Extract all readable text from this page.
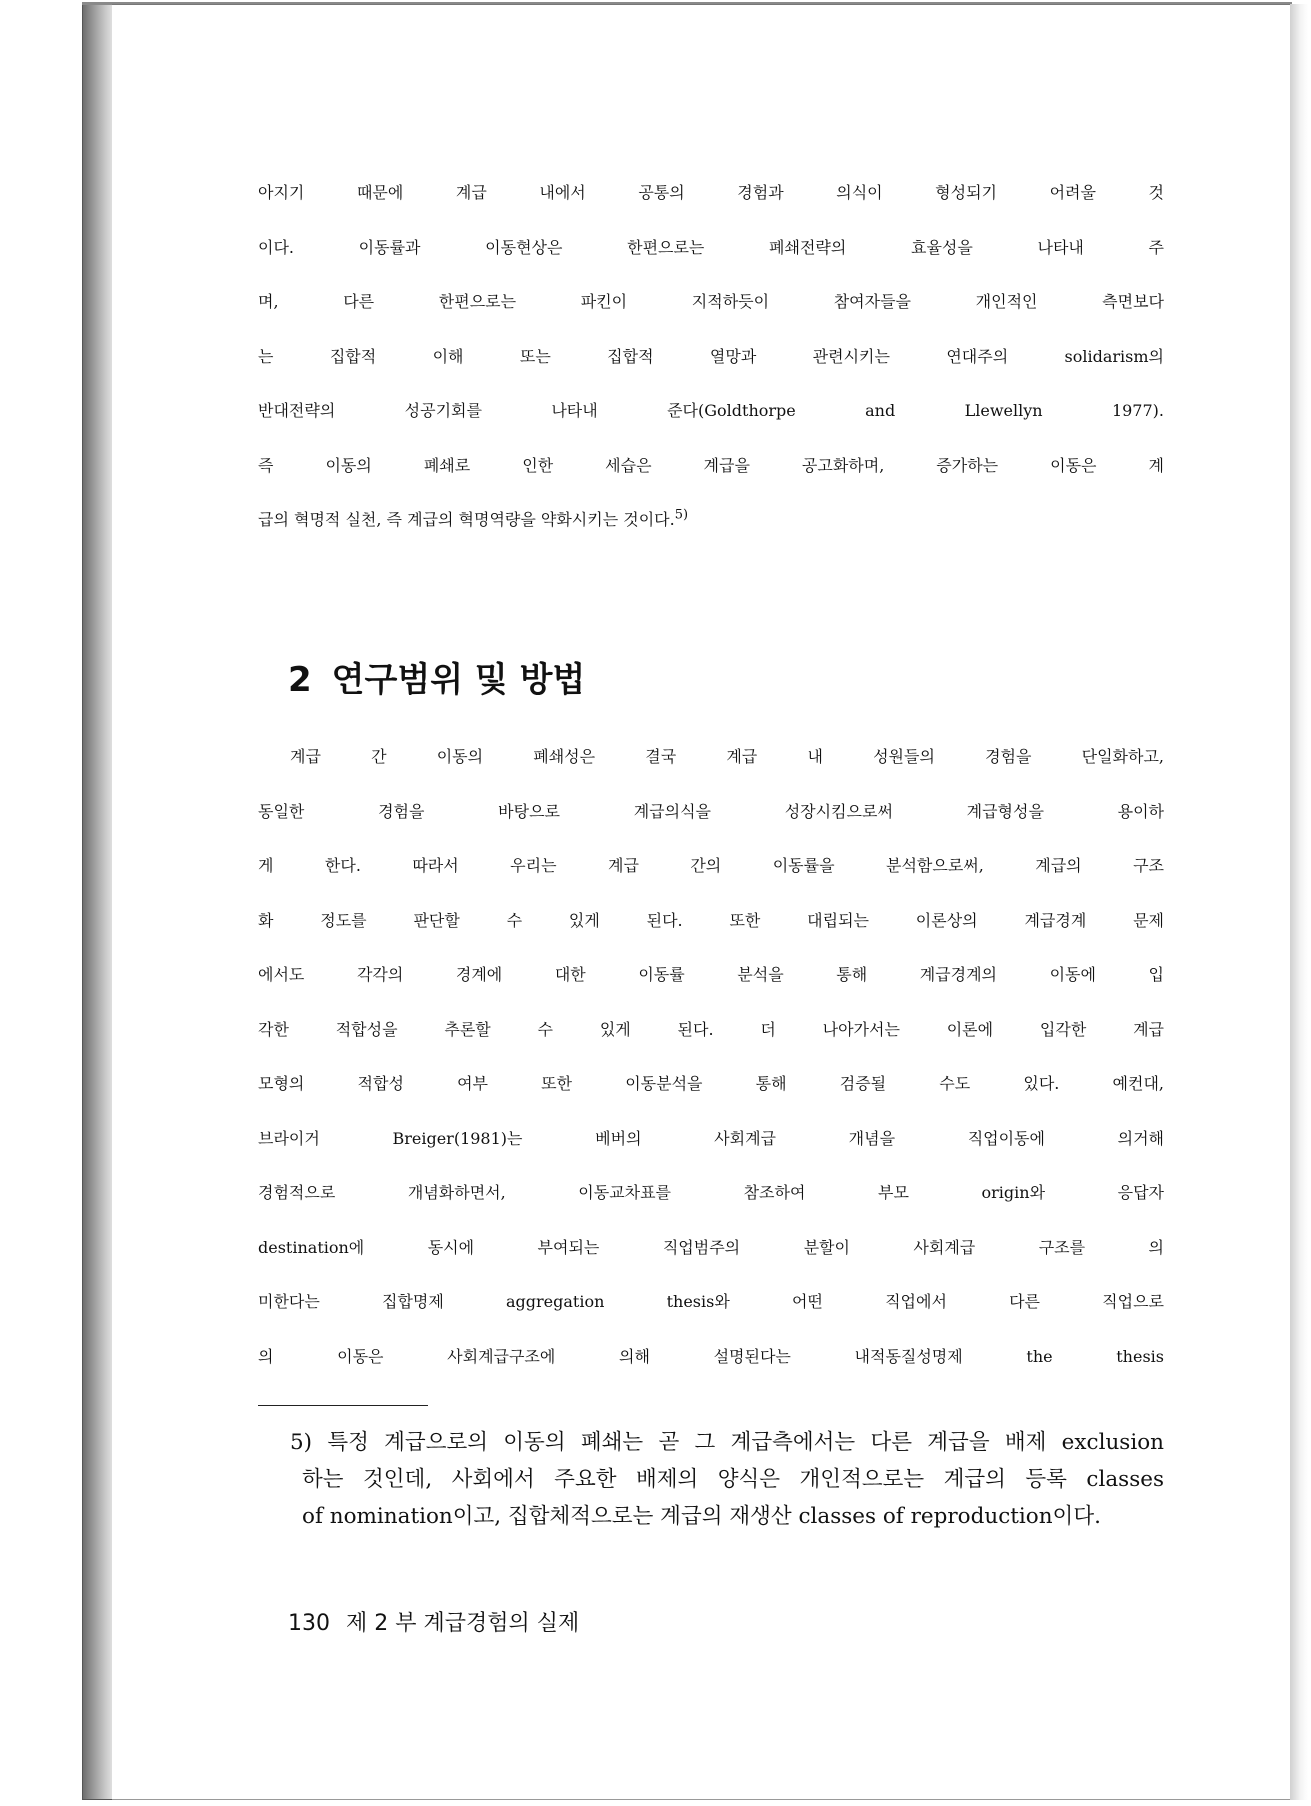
아지기 때문에 계급 내에서 공통의 경험과 의식이 형성되기 어려울 것
이다. 이동률과 이동현상은 한편으로는 폐쇄전략의 효율성을 나타내 주
며, 다른 한편으로는 파킨이 지적하듯이 참여자들을 개인적인 측면보다
는 집합적 이해 또는 집합적 열망과 관련시키는 연대주의 solidarism의
반대전략의 성공기회를 나타내 준다(Goldthorpe and Llewellyn 1977).
즉 이동의 폐쇄로 인한 세습은 계급을 공고화하며, 증가하는 이동은 계
급의 혁명적 실천, 즉 계급의 혁명역량을 약화시키는 것이다.$^{5)}$
2 연구범위 및 방법
계급 간 이동의 폐쇄성은 결국 계급 내 성원들의 경험을 단일화하고,
동일한 경험을 바탕으로 계급의식을 성장시킴으로써 계급형성을 용이하
게 한다. 따라서 우리는 계급 간의 이동률을 분석함으로써, 계급의 구조
화 정도를 판단할 수 있게 된다. 또한 대립되는 이론상의 계급경계 문제
에서도 각각의 경계에 대한 이동률 분석을 통해 계급경계의 이동에 입
각한 적합성을 추론할 수 있게 된다. 더 나아가서는 이론에 입각한 계급
모형의 적합성 여부 또한 이동분석을 통해 검증될 수도 있다. 예컨대,
브라이거 Breiger(1981)는 베버의 사회계급 개념을 직업이동에 의거해
경험적으로 개념화하면서, 이동교차표를 참조하여 부모 origin와 응답자
destination에 동시에 부여되는 직업범주의 분할이 사회계급 구조를 의
미한다는 집합명제 aggregation thesis와 어떤 직업에서 다른 직업으로
의 이동은 사회계급구조에 의해 설명된다는 내적동질성명제 the thesis
5) 특정 계급으로의 이동의 폐쇄는 곧 그 계급측에서는 다른 계급을 배제 exclusion
하는 것인데, 사회에서 주요한 배제의 양식은 개인적으로는 계급의 등록 classes
of nomination이고, 집합체적으로는 계급의 재생산 classes of reproduction이다.
130 제 2 부 계급경험의 실제
